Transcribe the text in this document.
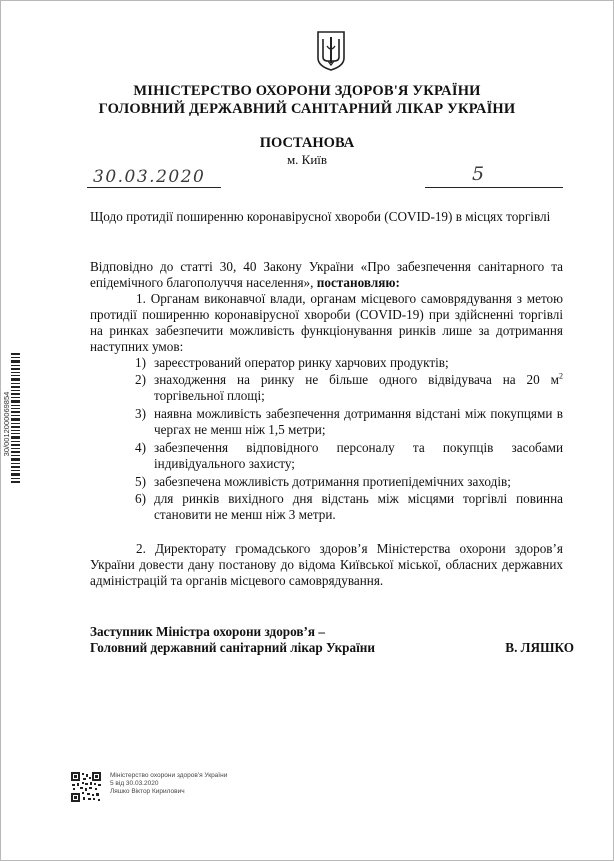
МІНІСТЕРСТВО ОХОРОНИ ЗДОРОВ'Я УКРАЇНИ
ГОЛОВНИЙ ДЕРЖАВНИЙ САНІТАРНИЙ ЛІКАР УКРАЇНИ
ПОСТАНОВА
м. Київ
30.03.2020	5
Щодо протидії поширенню коронавірусної хвороби (COVID-19) в місцях торгівлі
Відповідно до статті 30, 40 Закону України «Про забезпечення санітарного та епідемічного благополуччя населення», постановляю:
1. Органам виконавчої влади, органам місцевого самоврядування з метою протидії поширенню коронавірусної хвороби (COVID-19) при здійсненні торгівлі на ринках забезпечити можливість функціонування ринків лише за дотримання наступних умов:
1) зареєстрований оператор ринку харчових продуктів;
2) знаходження на ринку не більше одного відвідувача на 20 $м^2$ торгівельної площі;
3) наявна можливість забезпечення дотримання відстані між покупцями в чергах не менш ніж 1,5 метри;
4) забезпечення відповідного персоналу та покупців засобами індивідуального захисту;
5) забезпечена можливість дотримання протиепідемічних заходів;
6) для ринків вихідного дня відстань між місцями торгівлі повинна становити не менш ніж 3 метри.
2. Директорату громадського здоров’я Міністерства охорони здоров’я України довести дану постанову до відома Київської міської, обласних державних адміністрацій та органів місцевого самоврядування.
Заступник Міністра охорони здоров’я –
Головний державний санітарний лікар України	В. ЛЯШКО
30/0012000069854
Міністерство охорони здоров'я України
5 від 30.03.2020
Ляшко Віктор Кирилович
